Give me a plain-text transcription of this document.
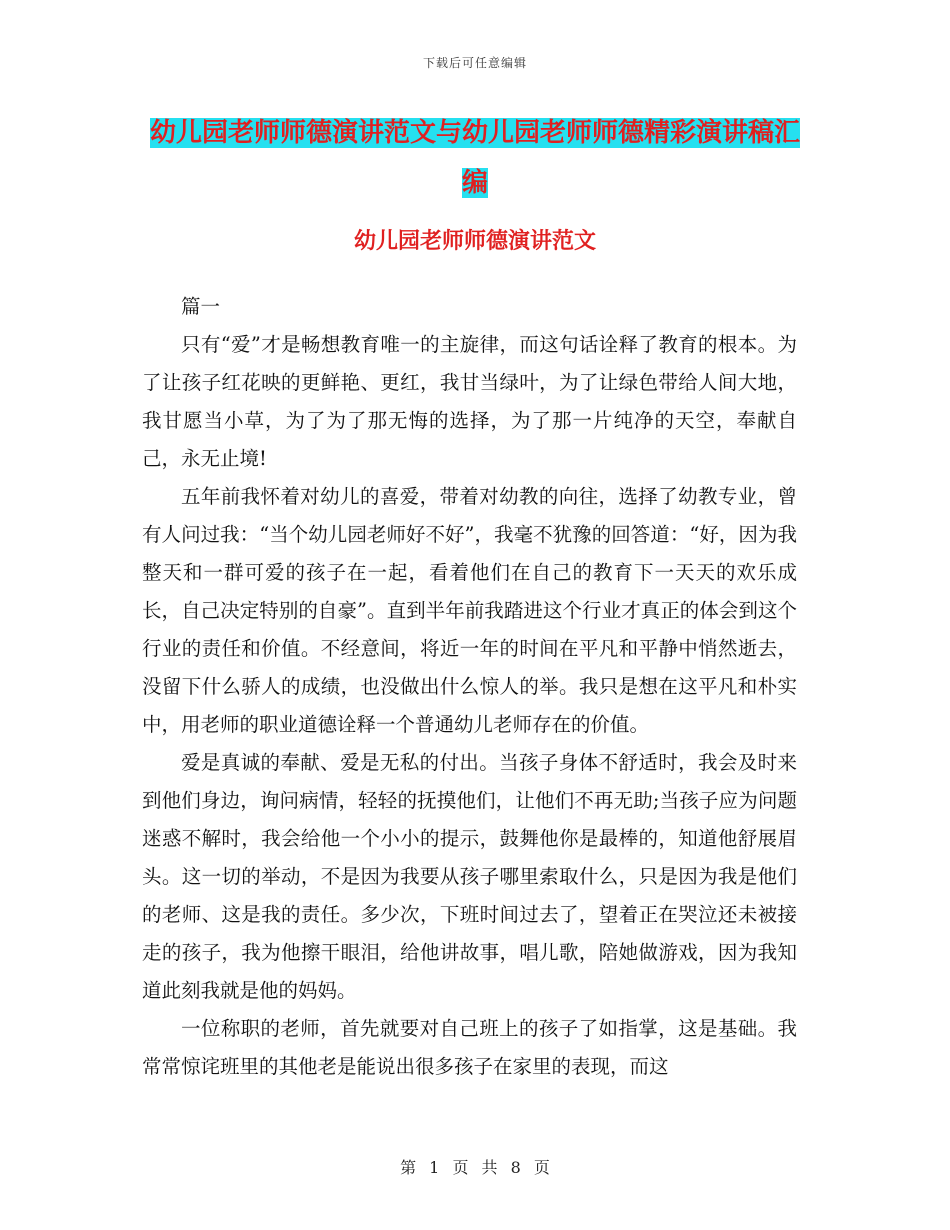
下载后可任意编辑
幼儿园老师师德演讲范文与幼儿园老师师德精彩演讲稿汇编
幼儿园老师师德演讲范文

篇一

只有“爱”才是畅想教育唯一的主旋律，而这句话诠释了教育的根本。为了让孩子红花映的更鲜艳、更红，我甘当绿叶，为了让绿色带给人间大地，我甘愿当小草，为了为了那无悔的选择，为了那一片纯净的天空，奉献自己，永无止境!

五年前我怀着对幼儿的喜爱，带着对幼教的向往，选择了幼教专业，曾有人问过我：“当个幼儿园老师好不好”，我毫不犹豫的回答道：“好，因为我整天和一群可爱的孩子在一起，看着他们在自己的教育下一天天的欢乐成长，自己决定特别的自豪”。直到半年前我踏进这个行业才真正的体会到这个行业的责任和价值。不经意间，将近一年的时间在平凡和平静中悄然逝去，没留下什么骄人的成绩，也没做出什么惊人的举。我只是想在这平凡和朴实中，用老师的职业道德诠释一个普通幼儿老师存在的价值。

爱是真诚的奉献、爱是无私的付出。当孩子身体不舒适时，我会及时来到他们身边，询问病情，轻轻的抚摸他们，让他们不再无助;当孩子应为问题迷惑不解时，我会给他一个小小的提示，鼓舞他你是最棒的，知道他舒展眉头。这一切的举动，不是因为我要从孩子哪里索取什么，只是因为我是他们的老师、这是我的责任。多少次，下班时间过去了，望着正在哭泣还未被接走的孩子，我为他擦干眼泪，给他讲故事，唱儿歌，陪她做游戏，因为我知道此刻我就是他的妈妈。

一位称职的老师，首先就要对自己班上的孩子了如指掌，这是基础。我常常惊诧班里的其他老是能说出很多孩子在家里的表现，而这

第 1 页 共 8 页
